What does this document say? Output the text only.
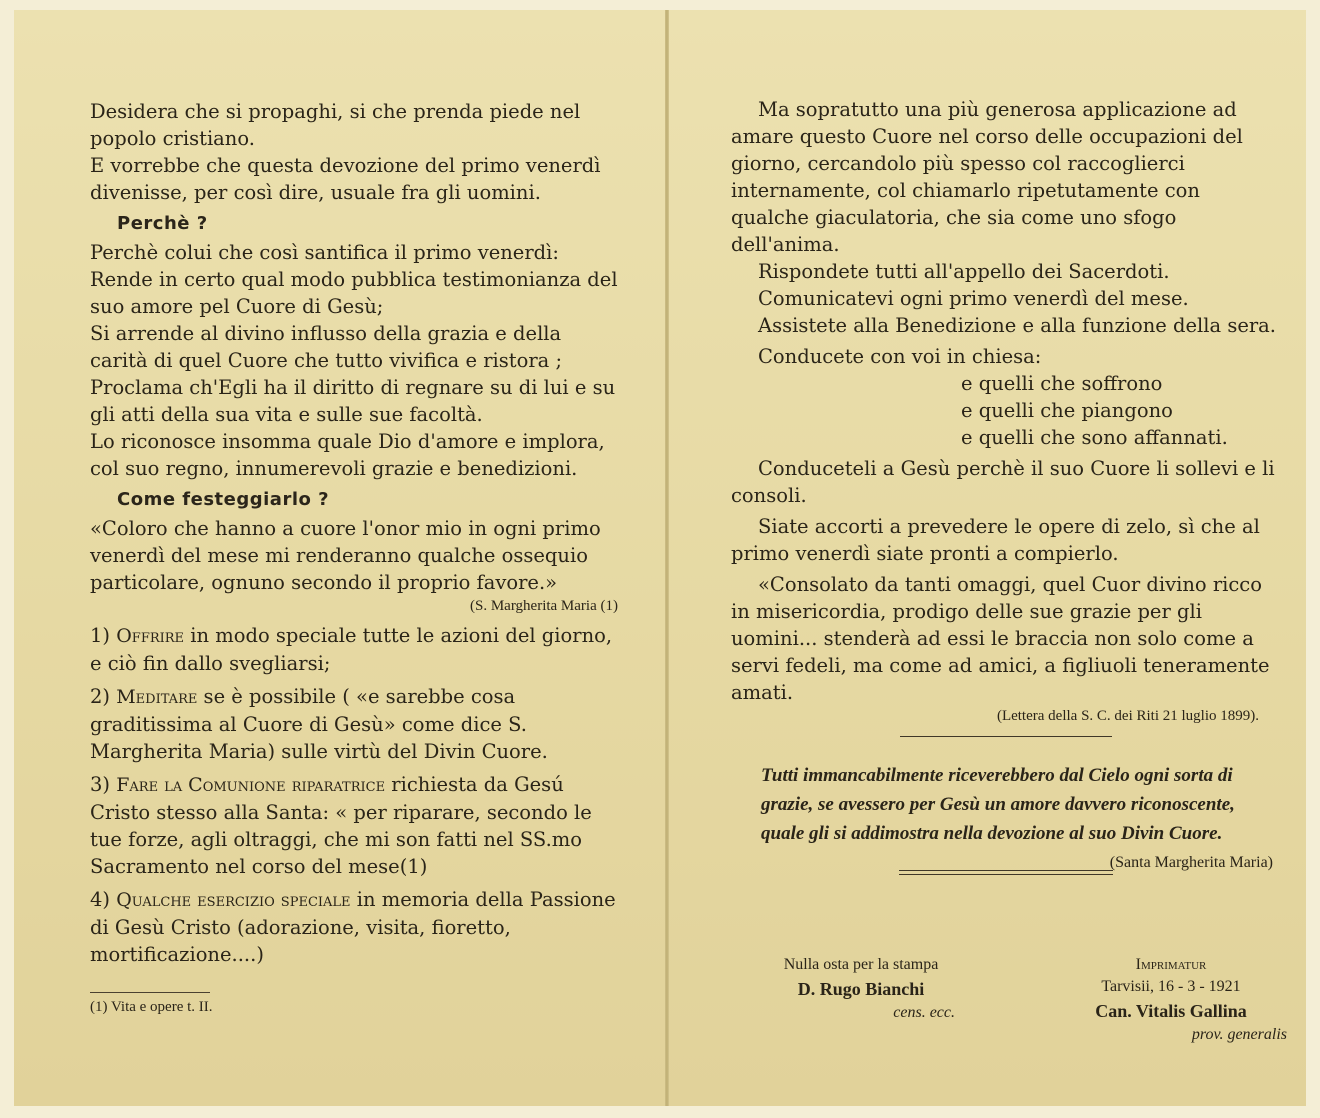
Desidera che si propaghi, si che prenda piede nel popolo cristiano.

E vorrebbe che questa devozione del primo venerdì divenisse, per così dire, usuale fra gli uomini.

Perchè ?

Perchè colui che così santifica il primo venerdì:

Rende in certo qual modo pubblica testimonianza del suo amore pel Cuore di Gesù;

Si arrende al divino influsso della grazia e della carità di quel Cuore che tutto vivifica e ristora ;

Proclama ch'Egli ha il diritto di regnare su di lui e su gli atti della sua vita e sulle sue facoltà.

Lo riconosce insomma quale Dio d'amore e implora, col suo regno, innumerevoli grazie e benedizioni.

Come festeggiarlo ?

«Coloro che hanno a cuore l'onor mio in ogni primo venerdì del mese mi renderanno qualche ossequio particolare, ognuno secondo il proprio favore.»

(S. Margherita Maria (1)

1) Offrire in modo speciale tutte le azioni del giorno, e ciò fin dallo svegliarsi;

2) Meditare se è possibile ( «e sarebbe cosa graditissima al Cuore di Gesù» come dice S. Margherita Maria) sulle virtù del Divin Cuore.

3) Fare la Comunione riparatrice richiesta da Gesú Cristo stesso alla Santa: « per riparare, secondo le tue forze, agli oltraggi, che mi son fatti nel SS.mo Sacramento nel corso del mese(1)

4) Qualche esercizio speciale in memoria della Passione di Gesù Cristo (adorazione, visita, fioretto, mortificazione....)

(1) Vita e opere t. II.

Ma sopratutto una più generosa applicazione ad amare questo Cuore nel corso delle occupazioni del giorno, cercandolo più spesso col raccoglierci internamente, col chiamarlo ripetutamente con qualche giaculatoria, che sia come uno sfogo dell'anima.

Rispondete tutti all'appello dei Sacerdoti.

Comunicatevi ogni primo venerdì del mese.

Assistete alla Benedizione e alla funzione della sera.

Conducete con voi in chiesa:

e quelli che soffrono
e quelli che piangono
e quelli che sono affannati.

Conduceteli a Gesù perchè il suo Cuore li sollevi e li consoli.

Siate accorti a prevedere le opere di zelo, sì che al primo venerdì siate pronti a compierlo.

«Consolato da tanti omaggi, quel Cuor divino ricco in misericordia, prodigo delle sue grazie per gli uomini... stenderà ad essi le braccia non solo come a servi fedeli, ma come ad amici, a figliuoli teneramente amati.

(Lettera della S. C. dei Riti 21 luglio 1899).
Tutti immancabilmente riceverebbero dal Cielo ogni sorta di grazie, se avessero per Gesù un amore davvero riconoscente, quale gli si addimostra nella devozione al suo Divin Cuore.
(Santa Margherita Maria)
Nulla osta per la stampa
D. Rugo Bianchi
cens. ecc.
Imprimatur
Tarvisii, 16 - 3 - 1921
Can. Vitalis Gallina
prov. generalis
